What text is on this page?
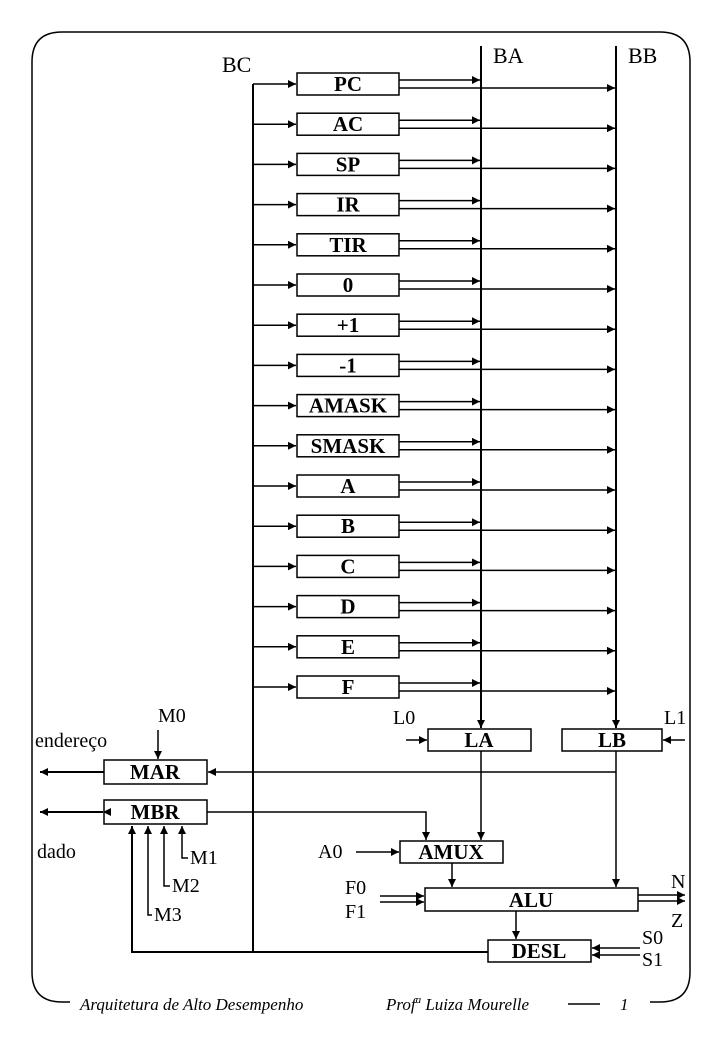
BC	BA	BB
PC
AC
SP
IR
TIR
0
+1
-1
AMASK
SMASK
A
B
C
D
E
F
LA	LB
L0	L1
MAR
M0
endereço
MBR
dado	M1
M2
M3
AMUX
A0
ALU
F0
F1
N
Z
DESL
S0
S1
Arquitetura de Alto Desempenho	Prof$^a$ Luiza Mourelle	1
